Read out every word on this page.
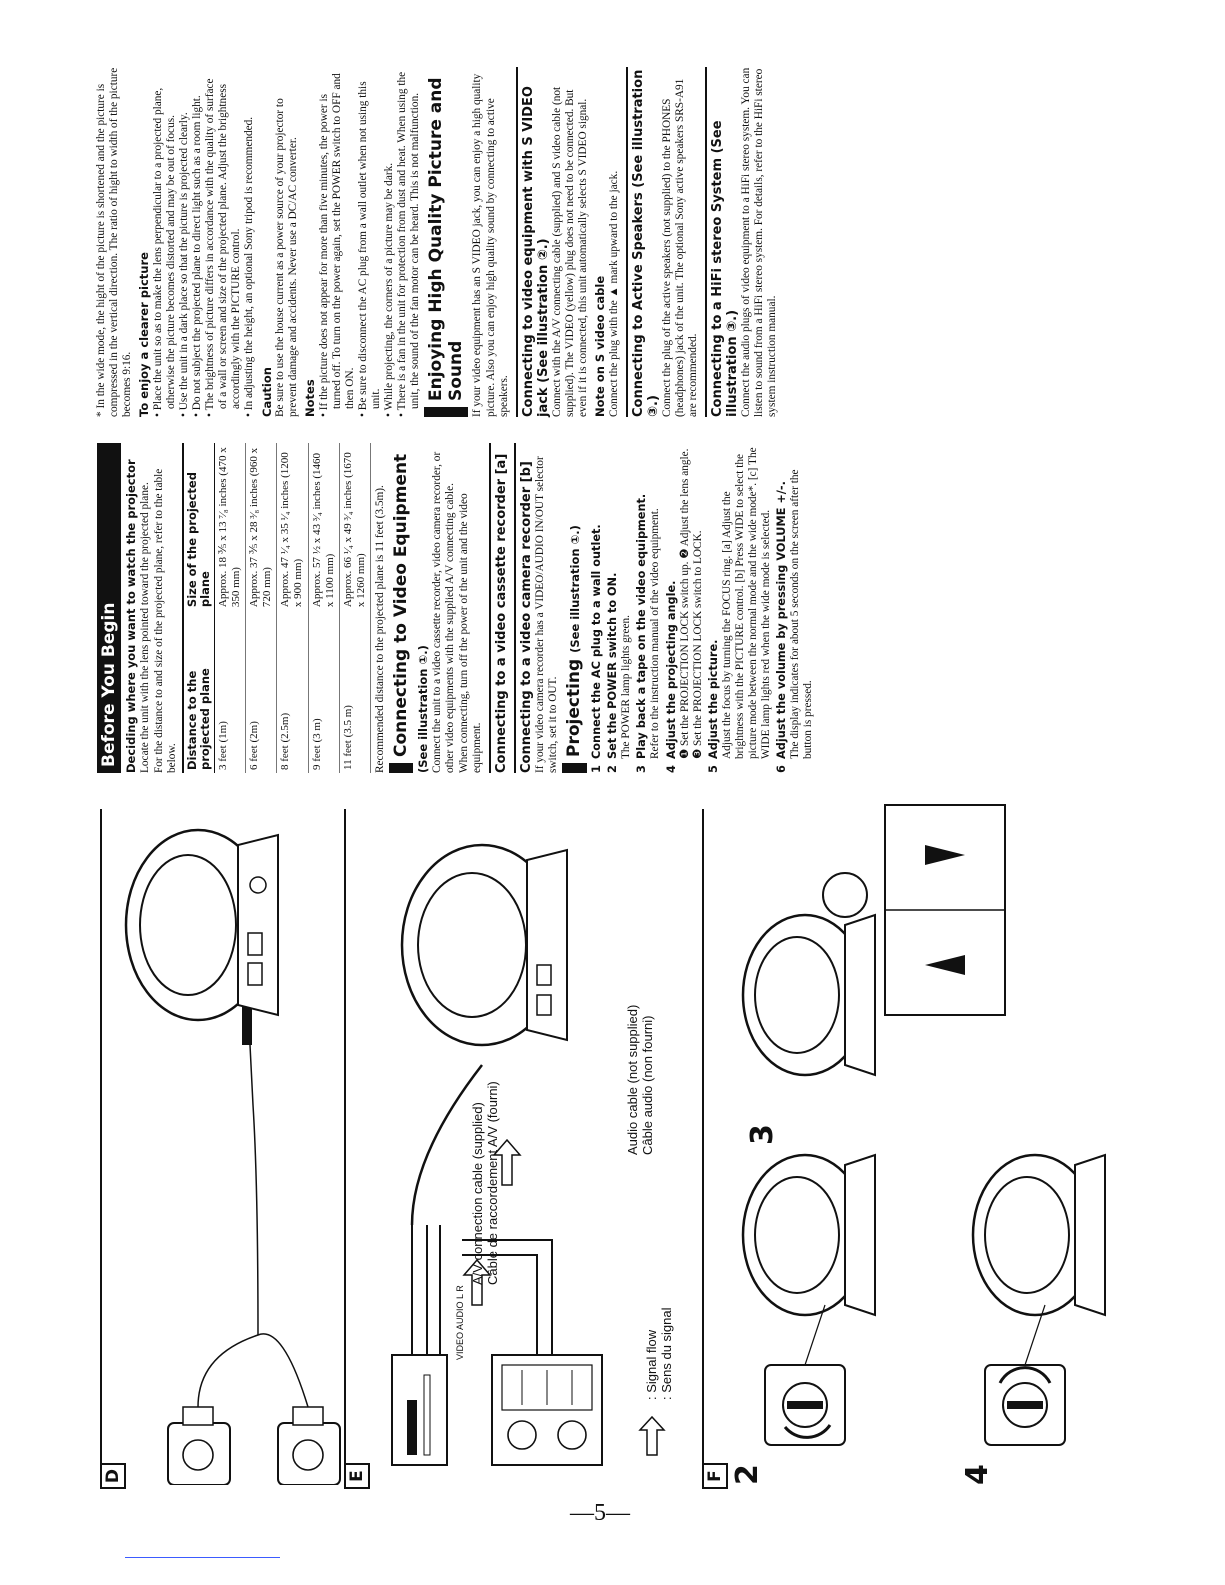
D	E
A/V connection cable (supplied) Câble de raccordement A/V (fourni)
Audio cable (not supplied) Câble audio (non fourni)
: Signal flow : Sens du signal
VIDEO AUDIO L R
F 2
3
4
Before You Begin Deciding where you want to watch the projector Locate the unit with the lens pointed toward the projected plane. For the distance to and size of the projected plane, refer to the table below. Distance to the projected plane	Size of the projected plane
3 feet (1m)	Approx. 18 ⅗ x 13 ⁷⁄₈ inches (470 x 350 mm)
6 feet (2m)	Approx. 37 ⅗ x 28 ³⁄₈ inches (960 x 720 mm)
8 feet (2.5m)	Approx. 47 ¹⁄₄ x 35 ¹⁄₄ inches (1200 x 900 mm)
9 feet (3 m)	Approx. 57 ½ x 43 ³⁄₄ inches (1460 x 1100 mm)
11 feet (3.5 m)	Approx. 66 ¹⁄₄ x 49 ³⁄₄ inches (1670 x 1260 mm) Recommended distance to the projected plane is 11 feet (3.5m). Connecting to Video Equipment (See illustration ①.) Connect the unit to a video cassette recorder, video camera recorder, or other video equipments with the supplied A/V connecting cable. When connecting, turn off the power of the unit and the video equipment. Connecting to a video cassette recorder [a] Connecting to a video camera recorder [b] If your video camera recorder has a VIDEO/AUDIO IN/OUT selector switch, set it to OUT. Projecting (See illustration ①.)
1Connect the AC plug to a wall outlet.
2Set the POWER switch to ON. The POWER lamp lights green.
3Play back a tape on the video equipment. Refer to the instruction manual of the video equipment.
4Adjust the projecting angle. ❶ Set the PROJECTION LOCK switch up. ❷ Adjust the lens angle. ❸ Set the PROJECTION LOCK switch to LOCK.
5Adjust the picture. Adjust the focus by turning the FOCUS ring. [a] Adjust the brightness with the PICTURE control. [b] Press WIDE to select the picture mode between the normal mode and the wide mode*. [c] The WIDE lamp lights red when the wide mode is selected.
6Adjust the volume by pressing VOLUME +/-. The display indicates for about 5 seconds on the screen after the button is pressed.

* In the wide mode, the hight of the picture is shortened and the picture is compressed in the vertical direction. The ratio of hight to width of the picture becomes 9:16. To enjoy a clearer picture • Place the unit so as to make the lens perpendicular to a projected plane, otherwise the picture becomes distorted and may be out of focus. • Use the unit in a dark place so that the picture is projected clearly. • Do not subject the projected plane to direct light such as a room light. • The brightness of picture differs in accordance with the quality of surface of a wall or screen and size of the projected plane. Adjust the brightness accordingly with the PICTURE control. • In adjusting the height, an optional Sony tripod is recommended. Caution Be sure to use the house current as a power source of your projector to prevent damage and accidents. Never use a DC/AC converter. Notes • If the picture does not appear for more than five minutes, the power is turned off. To turn on the power again, set the POWER switch to OFF and then ON. • Be sure to disconnect the AC plug from a wall outlet when not using this unit. • While projecting, the corners of a picture may be dark. • There is a fan in the unit for protection from dust and heat. When using the unit, the sound of the fan motor can be heard. This is not malfunction. Enjoying High Quality Picture and Sound If your video equipment has an S VIDEO jack, you can enjoy a high quality picture. Also you can enjoy high quality sound by connecting to active speakers. Connecting to video equipment with S VIDEO jack (See illustration ②.) Connect with the A/V connecting cable (supplied) and S video cable (not supplied). The VIDEO (yellow) plug does not need to be connected. But even if it is connected, this unit automatically selects S VIDEO signal. Note on S video cable Connect the plug with the ▲ mark upward to the jack. Connecting to Active Speakers (See illustration ③.) Connect the plug of the active speakers (not supplied) to the PHONES (headphones) jack of the unit. The optional Sony active speakers SRS-A91 are recommended. Connecting to a HiFi stereo System (See illustration ③.) Connect the audio plugs of video equipment to a HiFi stereo system. You can listen to sound from a HiFi stereo system. For details, refer to the HiFi stereo system instruction manual.

—5—
